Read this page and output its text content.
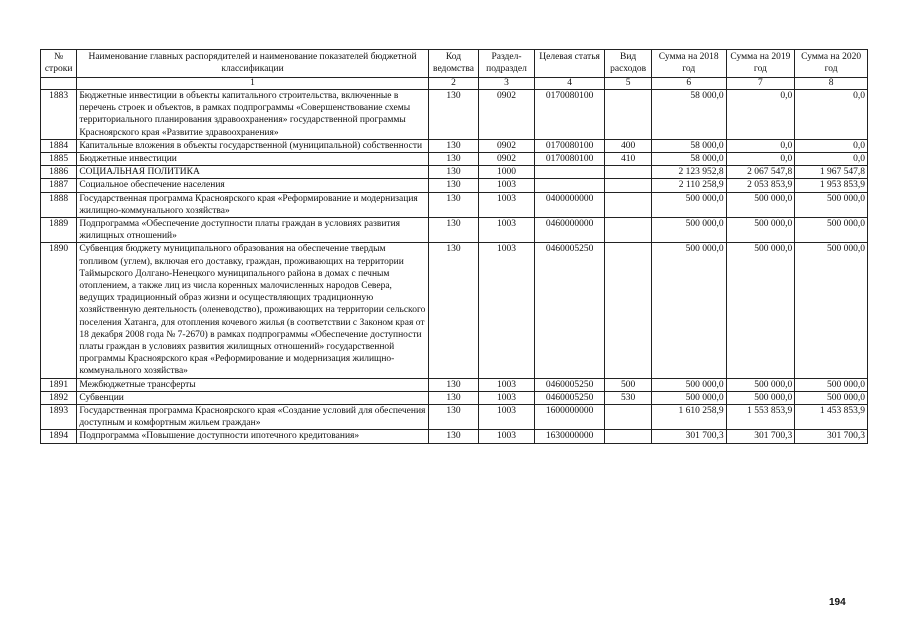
№ строки	Наименование главных распорядителей и наименование показателей бюджетной классификации	Код ведомства	Раздел-подраздел	Целевая статья	Вид расходов	Сумма на 2018 год	Сумма на 2019 год	Сумма на 2020 год
	1	2	3	4	5	6	7	8
1883	Бюджетные инвестиции в объекты капитального строительства, включенные в перечень строек и объектов, в рамках подпрограммы «Совершенствование схемы территориального планирования здравоохранения» государственной программы Красноярского края «Развитие здравоохранения»	130	0902	0170080100		58 000,0	0,0	0,0
1884	Капитальные вложения в объекты государственной (муниципальной) собственности	130	0902	0170080100	400	58 000,0	0,0	0,0
1885	Бюджетные инвестиции	130	0902	0170080100	410	58 000,0	0,0	0,0
1886	СОЦИАЛЬНАЯ ПОЛИТИКА	130	1000			2 123 952,8	2 067 547,8	1 967 547,8
1887	Социальное обеспечение населения	130	1003			2 110 258,9	2 053 853,9	1 953 853,9
1888	Государственная программа Красноярского края «Реформирование и модернизация жилищно-коммунального хозяйства»	130	1003	0400000000		500 000,0	500 000,0	500 000,0
1889	Подпрограмма «Обеспечение доступности платы граждан в условиях развития жилищных отношений»	130	1003	0460000000		500 000,0	500 000,0	500 000,0
1890	Субвенция бюджету муниципального образования на обеспечение твердым топливом (углем), включая его доставку, граждан, проживающих на территории Таймырского Долгано-Ненецкого муниципального района в домах с печным отоплением, а также лиц из числа коренных малочисленных народов Севера, ведущих традиционный образ жизни и осуществляющих традиционную хозяйственную деятельность (оленеводство), проживающих на территории сельского поселения Хатанга, для отопления кочевого жилья (в соответствии с Законом края от 18 декабря 2008 года № 7-2670) в рамках подпрограммы «Обеспечение доступности платы граждан в условиях развития жилищных отношений» государственной программы Красноярского края «Реформирование и модернизация жилищно-коммунального хозяйства»	130	1003	0460005250		500 000,0	500 000,0	500 000,0
1891	Межбюджетные трансферты	130	1003	0460005250	500	500 000,0	500 000,0	500 000,0
1892	Субвенции	130	1003	0460005250	530	500 000,0	500 000,0	500 000,0
1893	Государственная программа Красноярского края «Создание условий для обеспечения доступным и комфортным жильем граждан»	130	1003	1600000000		1 610 258,9	1 553 853,9	1 453 853,9
1894	Подпрограмма «Повышение доступности ипотечного кредитования»	130	1003	1630000000		301 700,3	301 700,3	301 700,3
194
